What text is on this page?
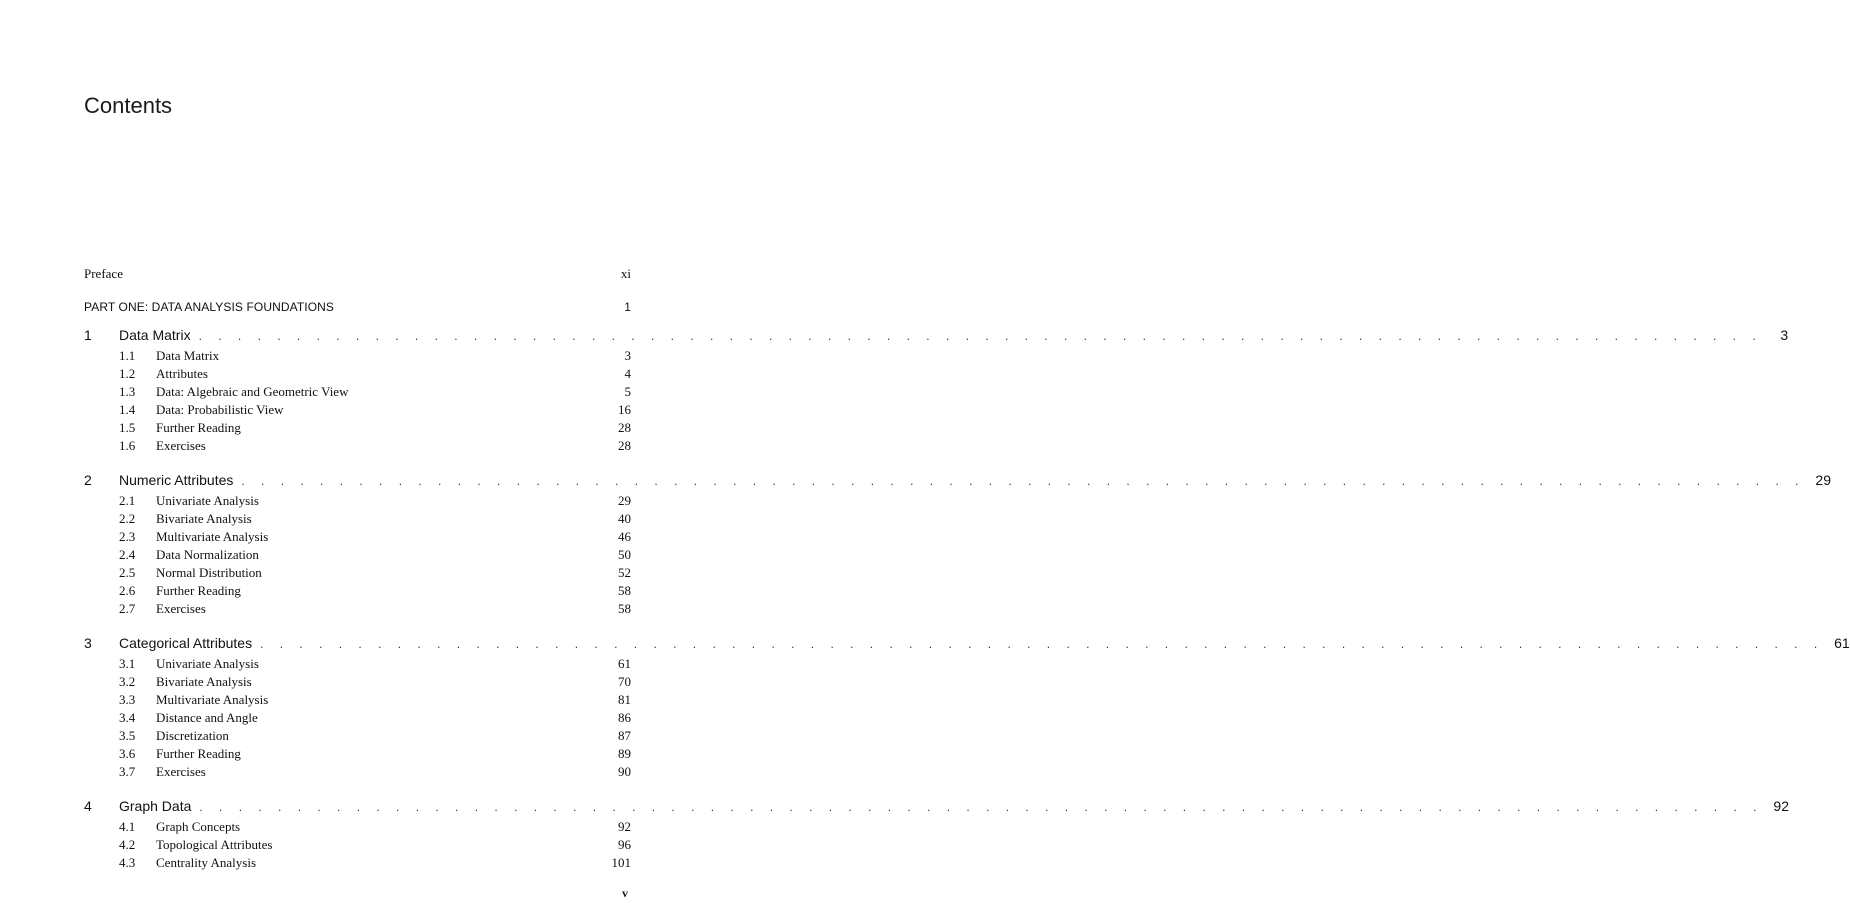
Contents
Preface	xi
PART ONE: DATA ANALYSIS FOUNDATIONS	1
1	Data Matrix . . . . . . . . . . . . . . . . . . . . . . . . . . . . . . . . . . . . . . . . . . . . . . . . . . . . . . . . . . . . . . . . . . . . . . . . . . . . . . . .	3
1.1	Data Matrix	3
1.2	Attributes	4
1.3	Data: Algebraic and Geometric View	5
1.4	Data: Probabilistic View	16
1.5	Further Reading	28
1.6	Exercises	28
2	Numeric Attributes . . . . . . . . . . . . . . . . . . . . . . . . . . . . . . . . . . . . . . . . . . . . . . . . . . . . . . . . . . . . . . . . . . . . . . . . . . . . . . . . 29
2.1	Univariate Analysis	29
2.2	Bivariate Analysis	40
2.3	Multivariate Analysis	46
2.4	Data Normalization	50
2.5	Normal Distribution	52
2.6	Further Reading	58
2.7	Exercises	58
3	Categorical Attributes . . . . . . . . . . . . . . . . . . . . . . . . . . . . . . . . . . . . . . . . . . . . . . . . . . . . . . . . . . . . . . . . . . . . . . . . . . . . . . . . 61
3.1	Univariate Analysis	61
3.2	Bivariate Analysis	70
3.3	Multivariate Analysis	81
3.4	Distance and Angle	86
3.5	Discretization	87
3.6	Further Reading	89
3.7	Exercises	90
4	Graph Data . . . . . . . . . . . . . . . . . . . . . . . . . . . . . . . . . . . . . . . . . . . . . . . . . . . . . . . . . . . . . . . . . . . . . . . . . . . . . . . . 92
4.1	Graph Concepts	92
4.2	Topological Attributes	96
4.3	Centrality Analysis	101
v
